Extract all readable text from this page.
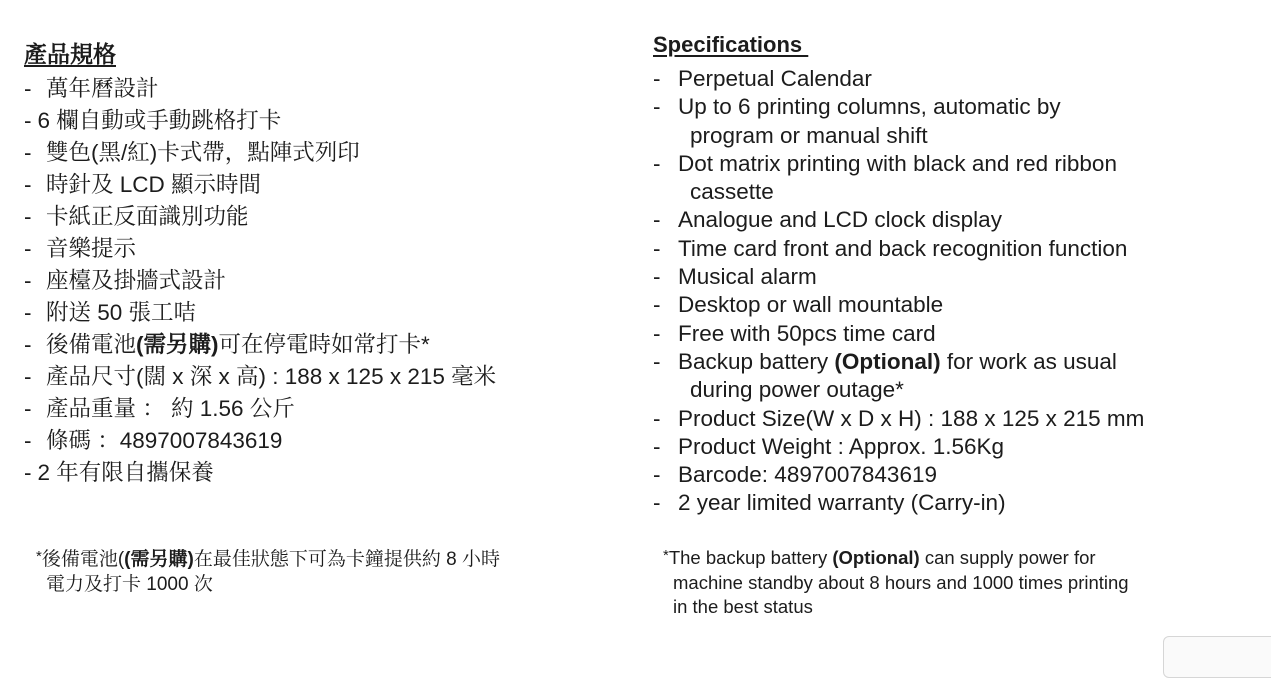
產品規格
- 萬年曆設計
- 6 欄自動或手動跳格打卡
- 雙色(黑/紅)卡式帶，點陣式列印
- 時針及 LCD 顯示時間
- 卡紙正反面識別功能
- 音樂提示
- 座檯及掛牆式設計
- 附送 50 張工咭
- 後備電池(需另購)可在停電時如常打卡*
- 產品尺寸(闊 x 深 x 高) : 188 x 125 x 215 毫米
- 產品重量 ： 約 1.56 公斤
- 條碼 ：4897007843619
- 2 年有限自攜保養
*後備電池((需另購)在最佳狀態下可為卡鐘提供約 8 小時
電力及打卡 1000 次
Specifications
- Perpetual Calendar
- Up to 6 printing columns, automatic by
program or manual shift
- Dot matrix printing with black and red ribbon
cassette
- Analogue and LCD clock display
- Time card front and back recognition function
- Musical alarm
- Desktop or wall mountable
- Free with 50pcs time card
- Backup battery (Optional) for work as usual
during power outage*
- Product Size(W x D x H) : 188 x 125 x 215 mm
- Product Weight : Approx. 1.56Kg
- Barcode: 4897007843619
- 2 year limited warranty (Carry-in)
*The backup battery (Optional) can supply power for
machine standby about 8 hours and 1000 times printing
in the best status
